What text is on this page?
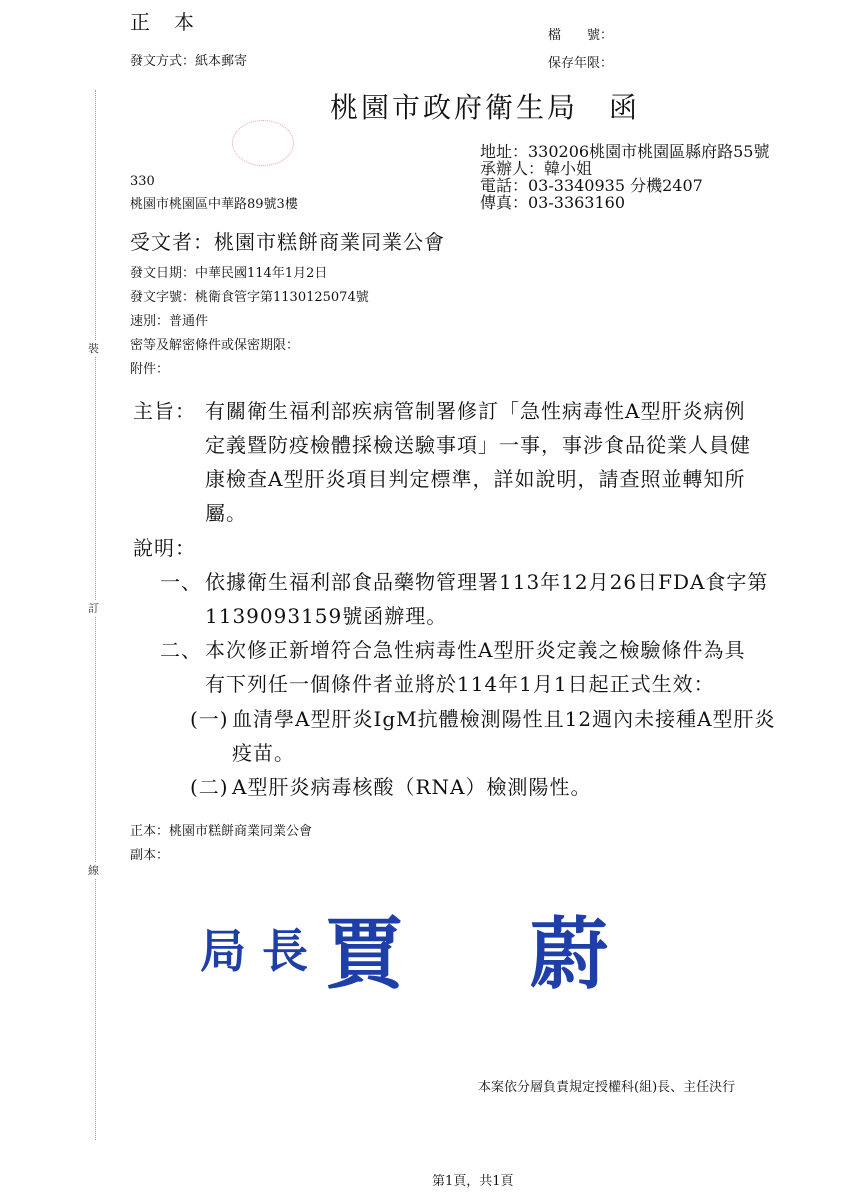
裝
訂
線
正　本
檔　　號：
保存年限：
發文方式：紙本郵寄
桃園市政府衛生局　函
地址：330206桃園市桃園區縣府路55號
承辦人：韓小姐
電話：03-3340935 分機2407
傳真：03-3363160
330
桃園市桃園區中華路89號3樓
受文者：桃園市糕餅商業同業公會
發文日期：中華民國114年1月2日
發文字號：桃衛食管字第1130125074號
速別：普通件
密等及解密條件或保密期限：
附件：
主旨： 有關衛生福利部疾病管制署修訂「急性病毒性A型肝炎病例
定義暨防疫檢體採檢送驗事項」一事，事涉食品從業人員健
康檢查A型肝炎項目判定標準，詳如說明，請查照並轉知所
屬。
說明：
一、 依據衛生福利部食品藥物管理署113年12月26日FDA食字第
1139093159號函辦理。
二、 本次修正新增符合急性病毒性A型肝炎定義之檢驗條件為具
有下列任一個條件者並將於114年1月1日起正式生效：
(一) 血清學A型肝炎IgM抗體檢測陽性且12週內未接種A型肝炎
疫苗。
(二) A型肝炎病毒核酸（RNA）檢測陽性。
正本：桃園市糕餅商業同業公會
副本：
局 長 賈 蔚
本案依分層負責規定授權科(組)長、主任決行
第1頁，共1頁
